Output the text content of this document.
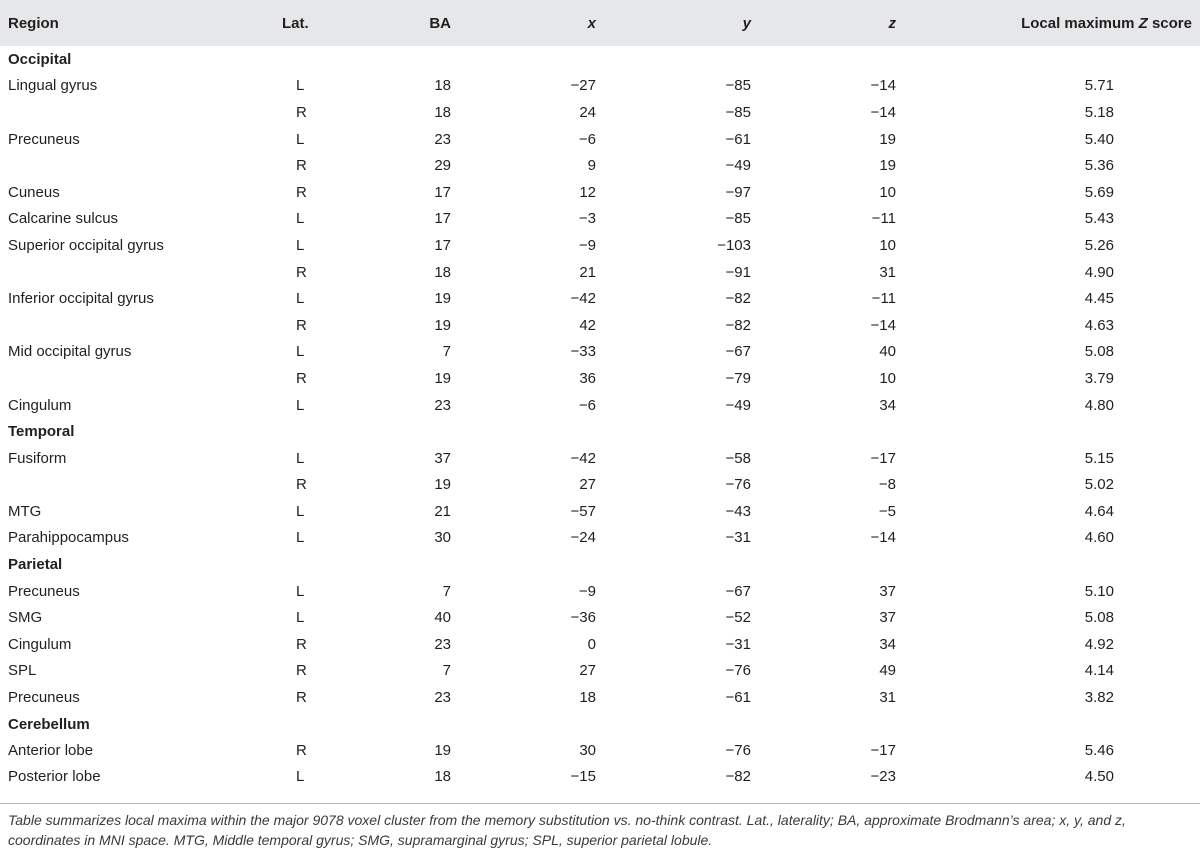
Region	Lat.	BA	x	y	z	Local maximum Z score
Occipital						
Lingual gyrus	L	18	−27	−85	−14	5.71
	R	18	24	−85	−14	5.18
Precuneus	L	23	−6	−61	19	5.40
	R	29	9	−49	19	5.36
Cuneus	R	17	12	−97	10	5.69
Calcarine sulcus	L	17	−3	−85	−11	5.43
Superior occipital gyrus	L	17	−9	−103	10	5.26
	R	18	21	−91	31	4.90
Inferior occipital gyrus	L	19	−42	−82	−11	4.45
	R	19	42	−82	−14	4.63
Mid occipital gyrus	L	7	−33	−67	40	5.08
	R	19	36	−79	10	3.79
Cingulum	L	23	−6	−49	34	4.80
Temporal						
Fusiform	L	37	−42	−58	−17	5.15
	R	19	27	−76	−8	5.02
MTG	L	21	−57	−43	−5	4.64
Parahippocampus	L	30	−24	−31	−14	4.60
Parietal						
Precuneus	L	7	−9	−67	37	5.10
SMG	L	40	−36	−52	37	5.08
Cingulum	R	23	0	−31	34	4.92
SPL	R	7	27	−76	49	4.14
Precuneus	R	23	18	−61	31	3.82
Cerebellum						
Anterior lobe	R	19	30	−76	−17	5.46
Posterior lobe	L	18	−15	−82	−23	4.50
Table summarizes local maxima within the major 9078 voxel cluster from the memory substitution vs. no-think contrast. Lat., laterality; BA, approximate Brodmann’s area; x, y, and z, coordinates in MNI space. MTG, Middle temporal gyrus; SMG, supramarginal gyrus; SPL, superior parietal lobule.
